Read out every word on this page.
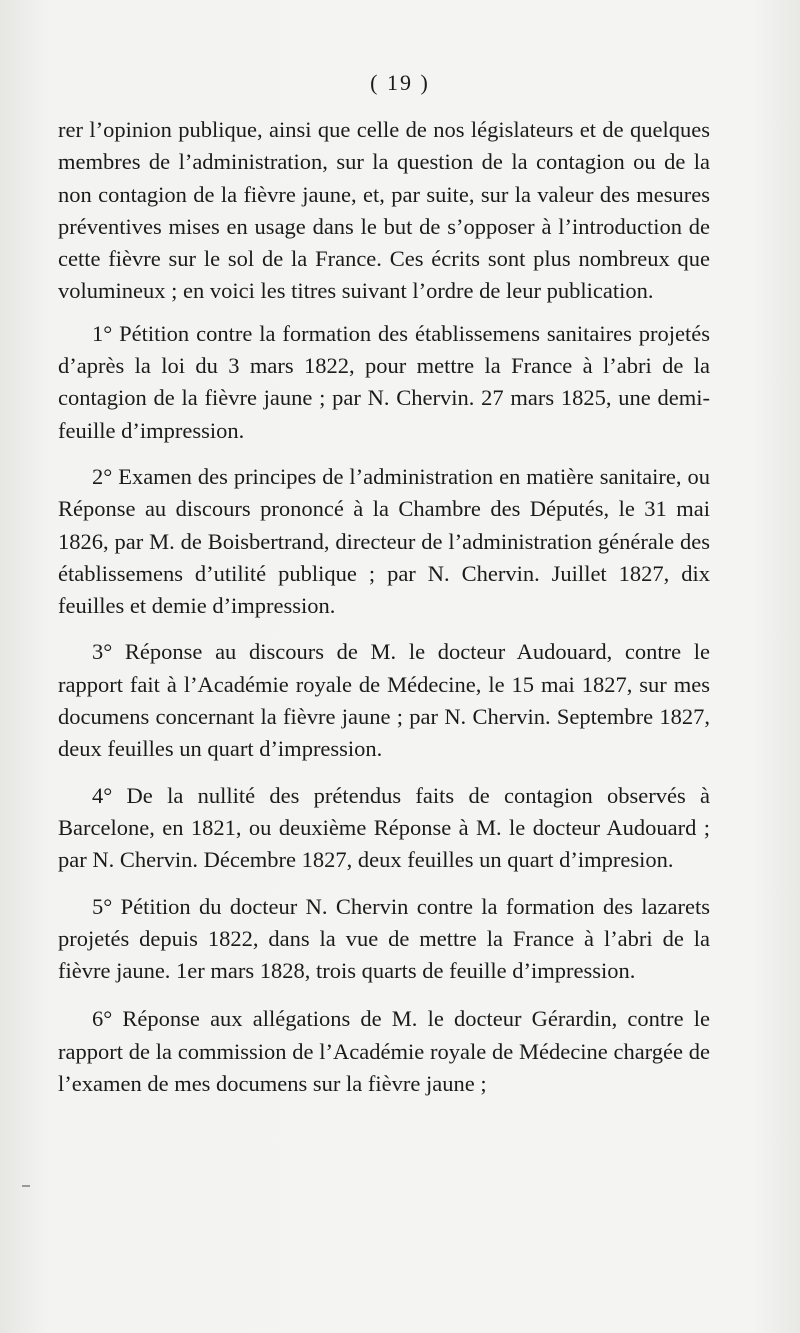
( 19 )

rer l’opinion publique, ainsi que celle de nos législateurs et de quelques membres de l’administration, sur la question de la contagion ou de la non contagion de la fièvre jaune, et, par suite, sur la valeur des mesures préventives mises en usage dans le but de s’opposer à l’introduction de cette fièvre sur le sol de la France. Ces écrits sont plus nombreux que volumineux ; en voici les titres suivant l’ordre de leur publication.

1° Pétition contre la formation des établissemens sanitaires projetés d’après la loi du 3 mars 1822, pour mettre la France à l’abri de la contagion de la fièvre jaune ; par N. Chervin. 27 mars 1825, une demi-feuille d’impression.

2° Examen des principes de l’administration en matière sanitaire, ou Réponse au discours prononcé à la Chambre des Députés, le 31 mai 1826, par M. de Boisbertrand, directeur de l’administration générale des établissemens d’utilité publique ; par N. Chervin. Juillet 1827, dix feuilles et demie d’impression.

3° Réponse au discours de M. le docteur Audouard, contre le rapport fait à l’Académie royale de Médecine, le 15 mai 1827, sur mes documens concernant la fièvre jaune ; par N. Chervin. Septembre 1827, deux feuilles un quart d’impression.

4° De la nullité des prétendus faits de contagion observés à Barcelone, en 1821, ou deuxième Réponse à M. le docteur Audouard ; par N. Chervin. Décembre 1827, deux feuilles un quart d’impresion.

5° Pétition du docteur N. Chervin contre la formation des lazarets projetés depuis 1822, dans la vue de mettre la France à l’abri de la fièvre jaune. 1er mars 1828, trois quarts de feuille d’impression.

6° Réponse aux allégations de M. le docteur Gérardin, contre le rapport de la commission de l’Académie royale de Médecine chargée de l’examen de mes documens sur la fièvre jaune ;
